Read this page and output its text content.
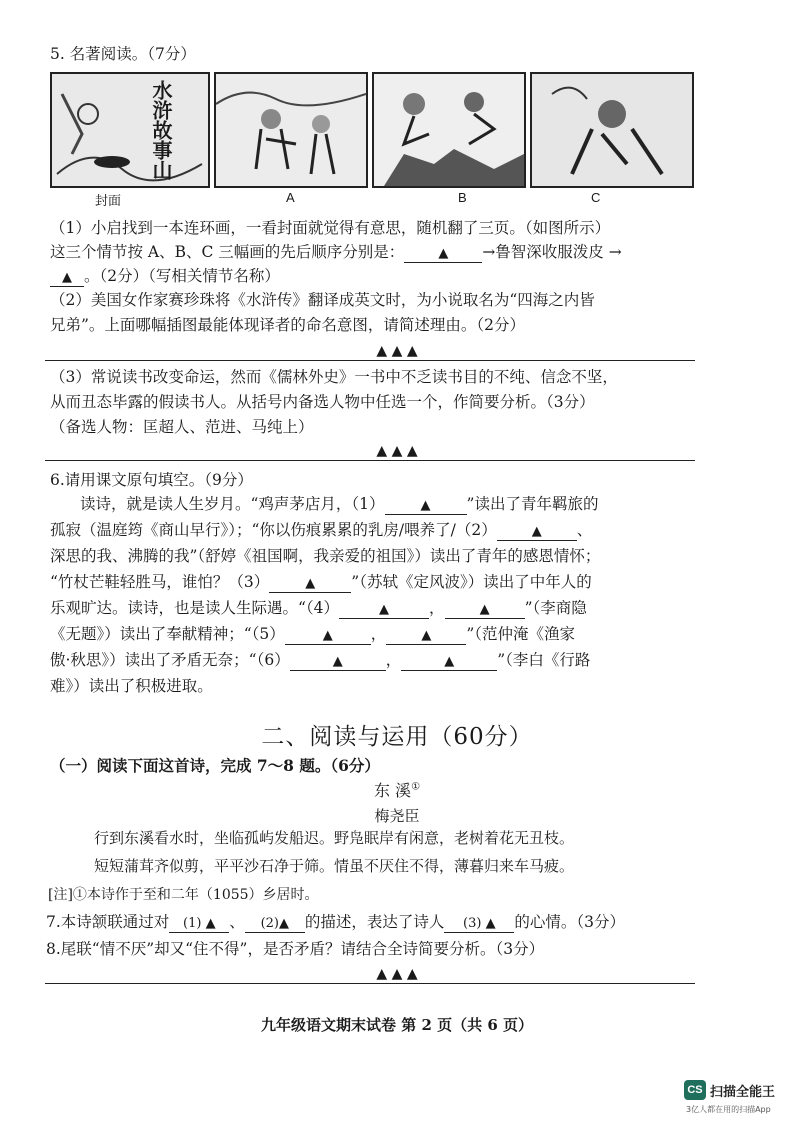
5. 名著阅读。（7分）
水浒故事山
封面	A	B	C
（1）小启找到一本连环画，一看封面就觉得有意思，随机翻了三页。（如图所示）
这三个情节按 A、B、C 三幅画的先后顺序分别是：	▲ →鲁智深收服泼皮 →
▲ 。（2分）（写相关情节名称）
（2）美国女作家赛珍珠将《水浒传》翻译成英文时，为小说取名为“四海之内皆
兄弟”。上面哪幅插图最能体现译者的命名意图，请简述理由。（2分）
▲ ▲ ▲
（3）常说读书改变命运，然而《儒林外史》一书中不乏读书目的不纯、信念不坚，
从而丑态毕露的假读书人。从括号内备选人物中任选一个，作简要分析。（3分）
（备选人物：匡超人、范进、马纯上）
▲ ▲ ▲
6.请用课文原句填空。（9分）
读诗，就是读人生岁月。“鸡声茅店月，（1）	▲ ”读出了青年羁旅的
孤寂（温庭筠《商山早行》）；“你以伤痕累累的乳房/喂养了/（2）	▲ 、
深思的我、沸腾的我”（舒婷《祖国啊，我亲爱的祖国》）读出了青年的感恩情怀；
“竹杖芒鞋轻胜马，谁怕？（3）	▲ ”（苏轼《定风波》）读出了中年人的
乐观旷达。读诗，也是读人生际遇。“（4）	▲	，	▲ ”（李商隐
《无题》）读出了奉献精神；“（5）	▲ ，	▲ ”（范仲淹《渔家
傲·秋思》）读出了矛盾无奈；“（6）	▲	，	▲	”（李白《行路
难》）读出了积极进取。
二、阅读与运用（60分）
（一）阅读下面这首诗，完成 7～8 题。（6分）
东 溪①
梅尧臣
行到东溪看水时，坐临孤屿发船迟。野凫眠岸有闲意，老树着花无丑枝。
短短蒲茸齐似剪，平平沙石净于筛。情虽不厌住不得，薄暮归来车马疲。
[注]①本诗作于至和二年（1055）乡居时。
7.本诗颔联通过对 (1) ▲ 、 (2)▲ 的描述，表达了诗人 (3) ▲ 的心情。（3分）
8.尾联“情不厌”却又“住不得”，是否矛盾？请结合全诗简要分析。（3分）
▲ ▲ ▲
九年级语文期末试卷 第 2 页（共 6 页）
CS 扫描全能王
3亿人都在用的扫描App
